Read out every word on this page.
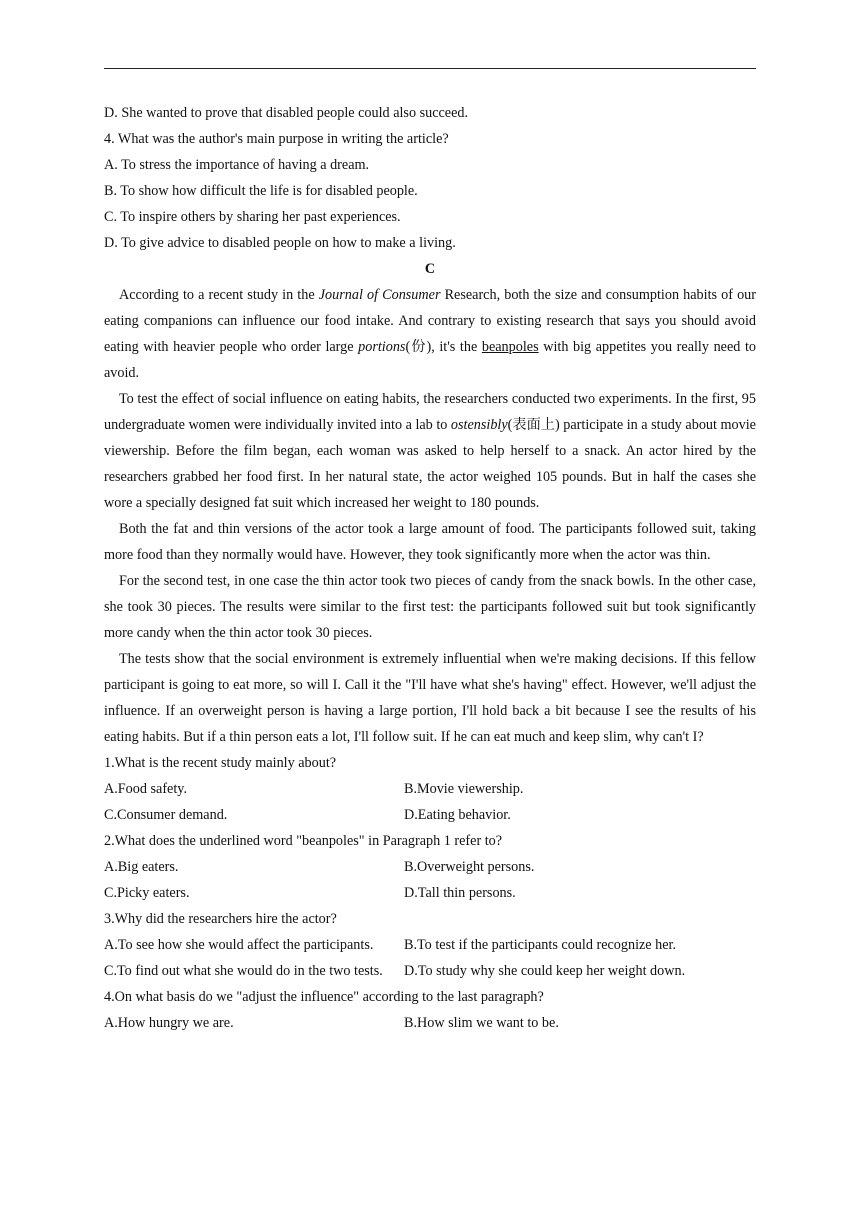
D. She wanted to prove that disabled people could also succeed.

4. What was the author's main purpose in writing the article?

A. To stress the importance of having a dream.

B. To show how difficult the life is for disabled people.

C. To inspire others by sharing her past experiences.

D. To give advice to disabled people on how to make a living.

C

According to a recent study in the Journal of Consumer Research, both the size and consumption habits of our eating companions can influence our food intake. And contrary to existing research that says you should avoid eating with heavier people who order large portions(份), it's the beanpoles with big appetites you really need to avoid.

To test the effect of social influence on eating habits, the researchers conducted two experiments. In the first, 95 undergraduate women were individually invited into a lab to ostensibly(表面上) participate in a study about movie viewership. Before the film began, each woman was asked to help herself to a snack. An actor hired by the researchers grabbed her food first. In her natural state, the actor weighed 105 pounds. But in half the cases she wore a specially designed fat suit which increased her weight to 180 pounds.

Both the fat and thin versions of the actor took a large amount of food. The participants followed suit, taking more food than they normally would have. However, they took significantly more when the actor was thin.

For the second test, in one case the thin actor took two pieces of candy from the snack bowls. In the other case, she took 30 pieces. The results were similar to the first test: the participants followed suit but took significantly more candy when the thin actor took 30 pieces.

The tests show that the social environment is extremely influential when we're making decisions. If this fellow participant is going to eat more, so will I. Call it the "I'll have what she's having" effect. However, we'll adjust the influence. If an overweight person is having a large portion, I'll hold back a bit because I see the results of his eating habits. But if a thin person eats a lot, I'll follow suit. If he can eat much and keep slim, why can't I?

1.What is the recent study mainly about?

A.Food safety.	B.Movie viewership.
C.Consumer demand.	D.Eating behavior.

2.What does the underlined word "beanpoles" in Paragraph 1 refer to?

A.Big eaters.	B.Overweight persons.
C.Picky eaters.	D.Tall thin persons.

3.Why did the researchers hire the actor?

A.To see how she would affect the participants.	B.To test if the participants could recognize her.
C.To find out what she would do in the two tests.	D.To study why she could keep her weight down.

4.On what basis do we "adjust the influence" according to the last paragraph?

A.How hungry we are.	B.How slim we want to be.
